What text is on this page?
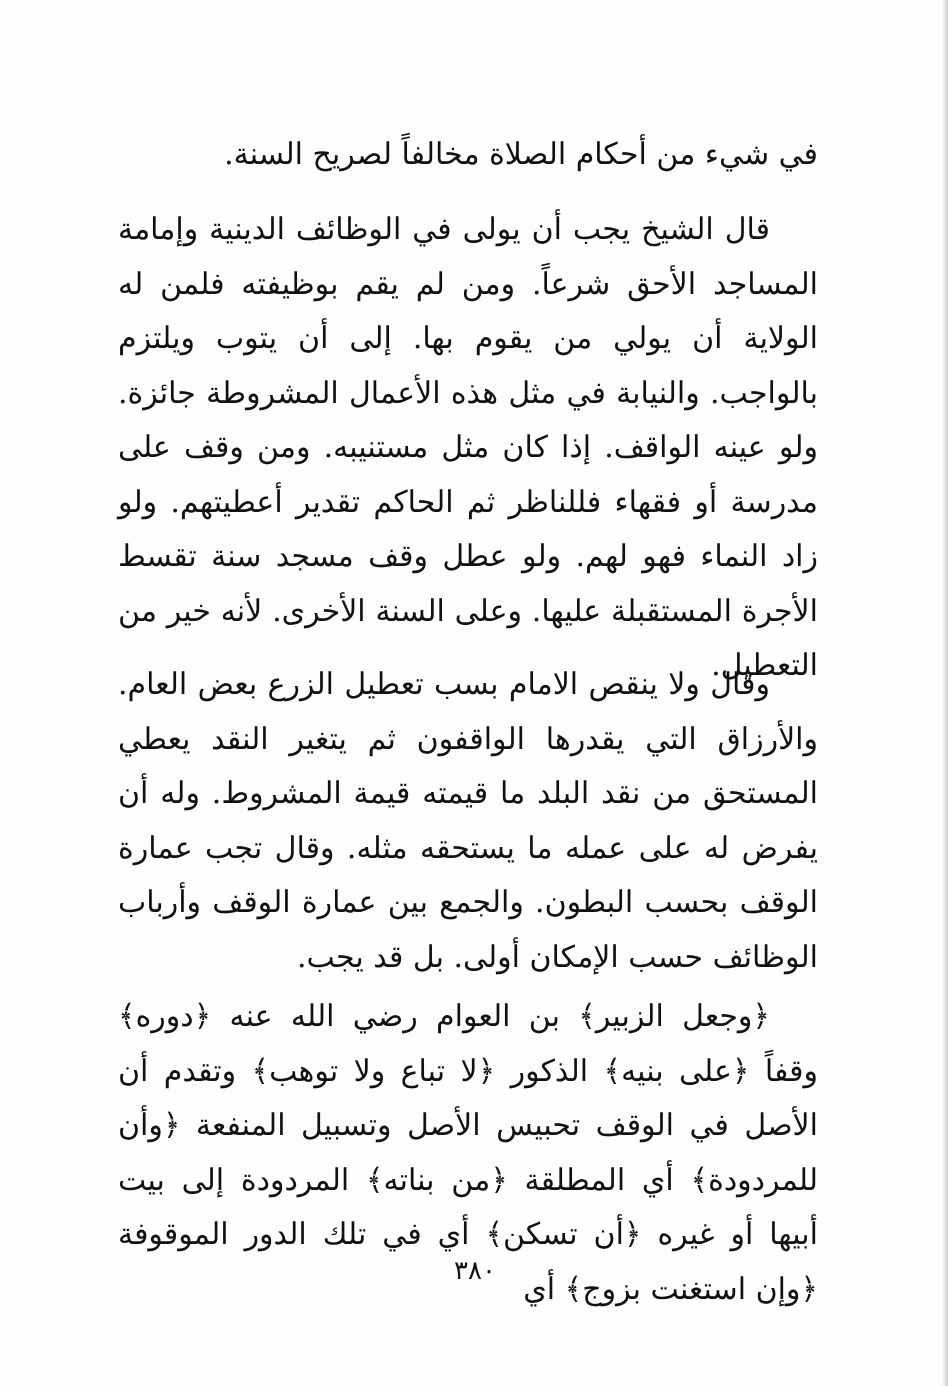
في شيء من أحكام الصلاة مخالفاً لصريح السنة.

قال الشيخ يجب أن يولى في الوظائف الدينية وإمامة المساجد الأحق شرعاً. ومن لم يقم بوظيفته فلمن له الولاية أن يولي من يقوم بها. إلى أن يتوب ويلتزم بالواجب. والنيابة في مثل هذه الأعمال المشروطة جائزة. ولو عينه الواقف. إذا كان مثل مستنيبه. ومن وقف على مدرسة أو فقهاء فللناظر ثم الحاكم تقدير أعطيتهم. ولو زاد النماء فهو لهم. ولو عطل وقف مسجد سنة تقسط الأجرة المستقبلة عليها. وعلى السنة الأخرى. لأنه خير من التعطيل.

وقال ولا ينقص الامام بسب تعطيل الزرع بعض العام. والأرزاق التي يقدرها الواقفون ثم يتغير النقد يعطي المستحق من نقد البلد ما قيمته قيمة المشروط. وله أن يفرض له على عمله ما يستحقه مثله. وقال تجب عمارة الوقف بحسب البطون. والجمع بين عمارة الوقف وأرباب الوظائف حسب الإمكان أولى. بل قد يجب.

﴿وجعل الزبير﴾ بن العوام رضي الله عنه ﴿دوره﴾ وقفاً ﴿على بنيه﴾ الذكور ﴿لا تباع ولا توهب﴾ وتقدم أن الأصل في الوقف تحبيس الأصل وتسبيل المنفعة ﴿وأن للمردودة﴾ أي المطلقة ﴿من بناته﴾ المردودة إلى بيت أبيها أو غيره ﴿أن تسكن﴾ أي في تلك الدور الموقوفة ﴿وإن استغنت بزوج﴾ أي

٣٨٠
